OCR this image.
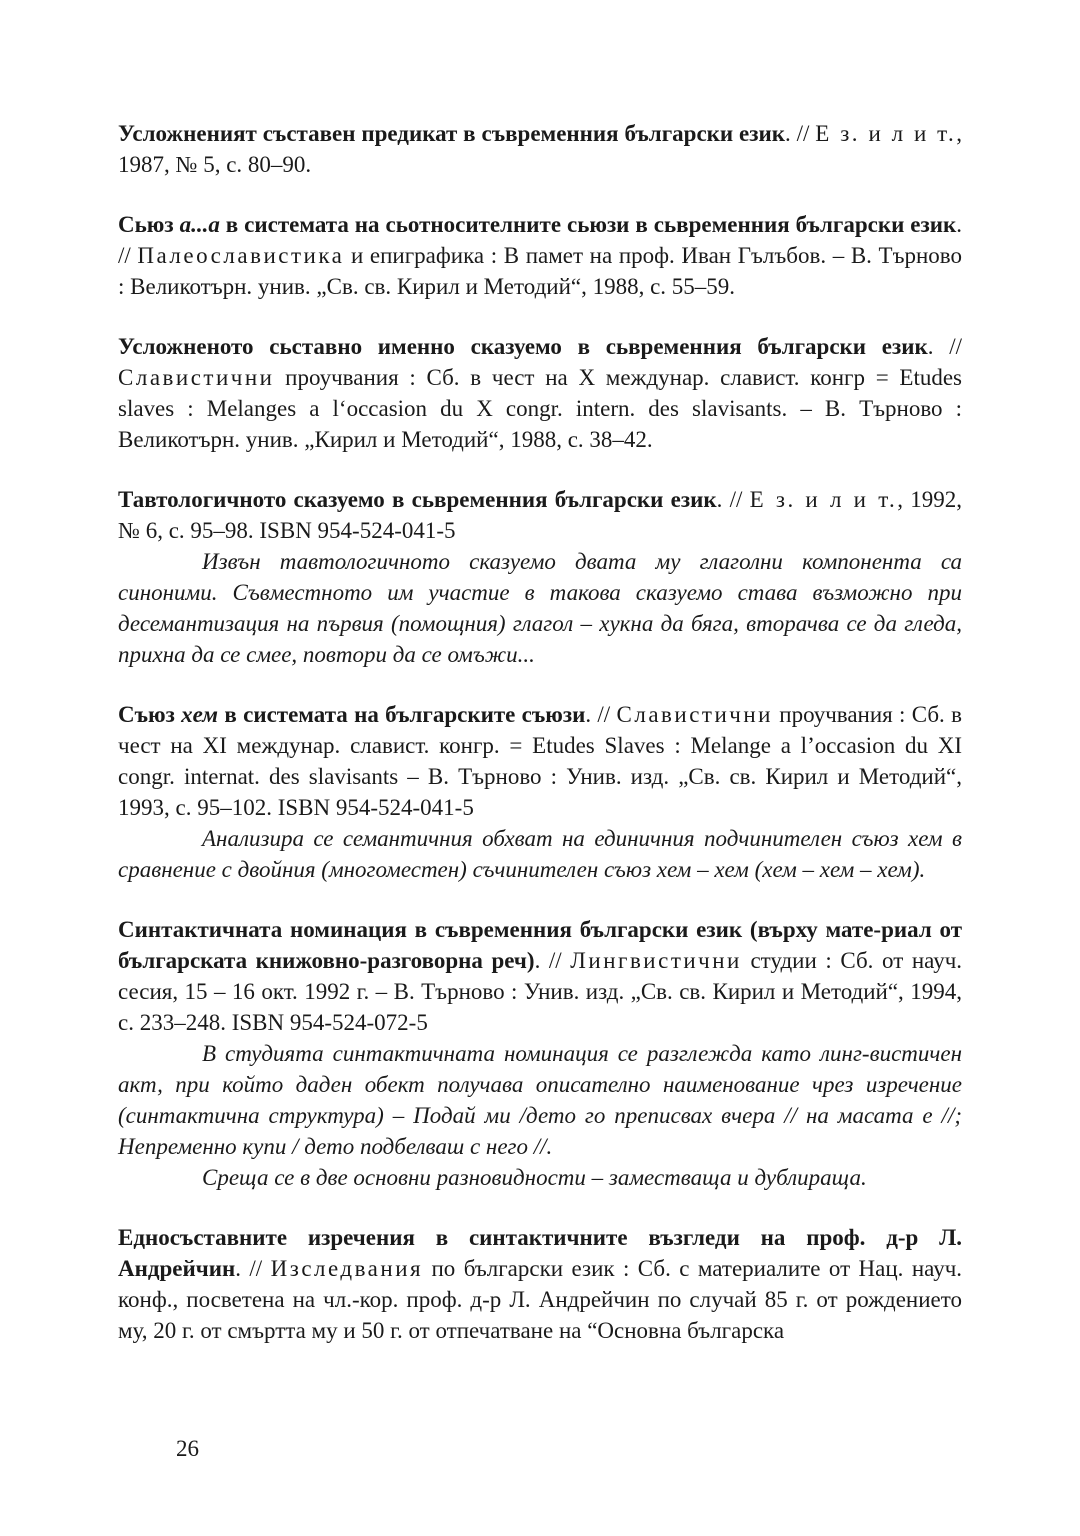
Усложненият съставен предикат в съвременния български език. // Е з. и л и т., 1987, № 5, с. 80–90.

Сьюз а...а в системата на сьотносителните сьюзи в сьвременния български език. // Палеославистика и епиграфика : В памет на проф. Иван Гълъбов. – В. Търново : Великотърн. унив. „Св. св. Кирил и Методий“, 1988, с. 55–59.

Усложненото сьставно именно сказуемо в сьвременния български език. // Славистични проучвания : Сб. в чест на X междунар. славист. конгр = Etudes slaves : Melanges a l‘occasion du X congr. intern. des slavisants. – В. Търново : Великотърн. унив. „Кирил и Методий“, 1988, с. 38–42.

Тавтологичното сказуемо в сьвременния български език. // Е з. и л и т., 1992, № 6, с. 95–98. ISBN 954-524-041-5

Извън тавтологичното сказуемо двата му глаголни компонента са синоними. Съвместното им участие в такова сказуемо става възможно при десемантизация на първия (помощния) глагол – хукна да бяга, вторачва се да гледа, прихна да се смее, повтори да се омъжи...

Съюз хем в системата на българските съюзи. // Славистични проучвания : Сб. в чест на XI междунар. славист. конгр. = Etudes Slaves : Melange a l’occasion du XI congr. internat. des slavisants – В. Търново : Унив. изд. „Св. св. Кирил и Методий“, 1993, с. 95–102. ISBN 954-524-041-5

Анализира се семантичния обхват на единичния подчинителен съюз хем в сравнение с двойния (многоместен) съчинителен съюз хем – хем (хем – хем – хем).

Синтактичната номинация в съвременния български език (върху мате-риал от българската книжовно-разговорна реч). // Лингвистични студии : Сб. от науч. сесия, 15 – 16 окт. 1992 г. – В. Търново : Унив. изд. „Св. св. Кирил и Методий“, 1994, с. 233–248. ISBN 954-524-072-5

В студията синтактичната номинация се разглежда като линг-вистичен акт, при който даден обект получава описателно наименование чрез изречение (синтактична структура) – Подай ми /дето го преписвах вчера // на масата е //; Непременно купи / дето подбелваш с него //.

Среща се в две основни разновидности – заместваща и дублираща.

Едносъставните изречения в синтактичните възгледи на проф. д-р Л. Андрейчин. // Изследвания по български език : Сб. с материалите от Нац. науч. конф., посветена на чл.-кор. проф. д-р Л. Андрейчин по случай 85 г. от рождението му, 20 г. от смъртта му и 50 г. от отпечатване на “Основна българска

26
